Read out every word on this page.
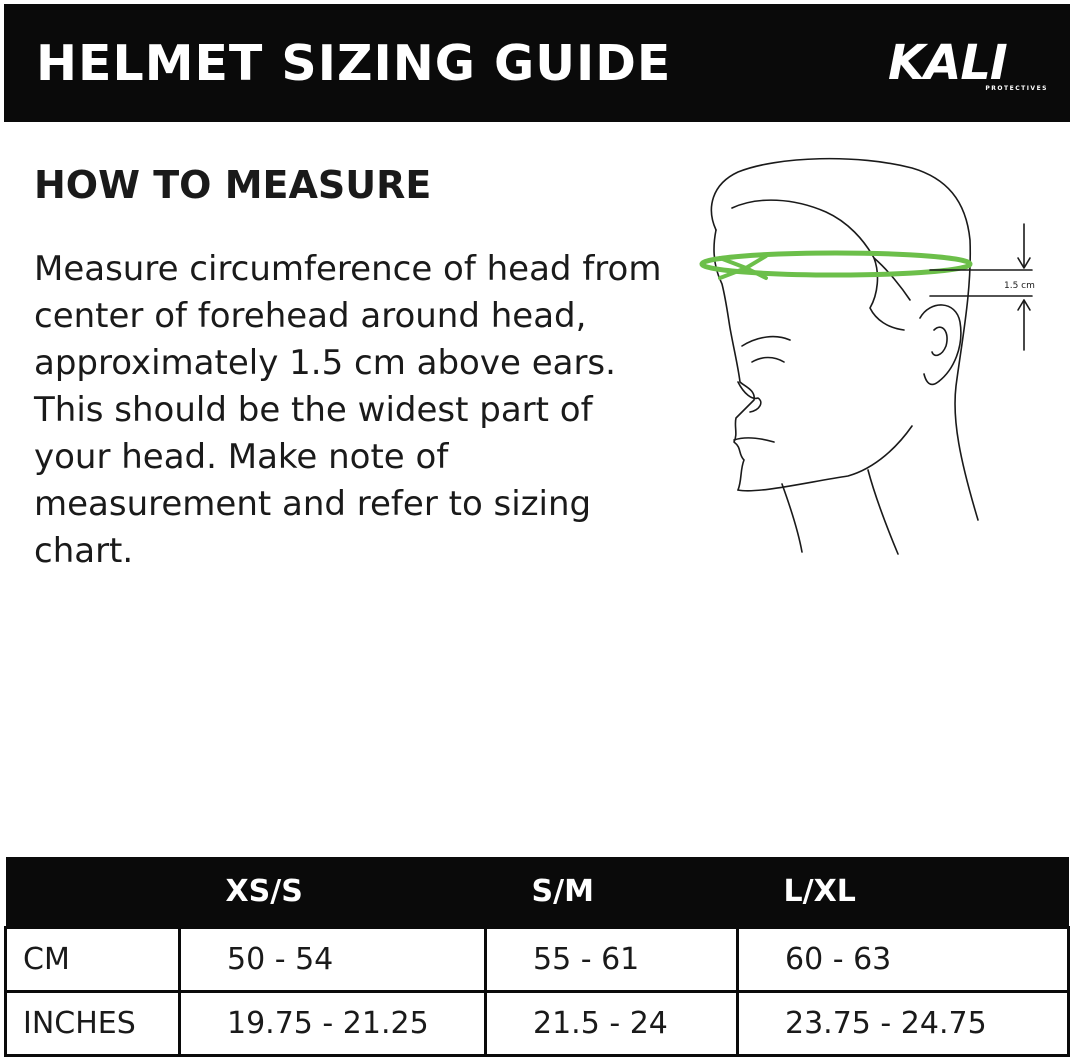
HELMET SIZING GUIDE	KALI
PROTECTIVES
HOW TO MEASURE

Measure circumference of head from center of forehead around head, approximately 1.5 cm above ears. This should be the widest part of your head. Make note of measurement and refer to sizing chart.

1.5 cm
	XS/S	S/M	L/XL
CM	50 - 54	55 - 61	60 - 63
INCHES	19.75 - 21.25	21.5 - 24	23.75 - 24.75
